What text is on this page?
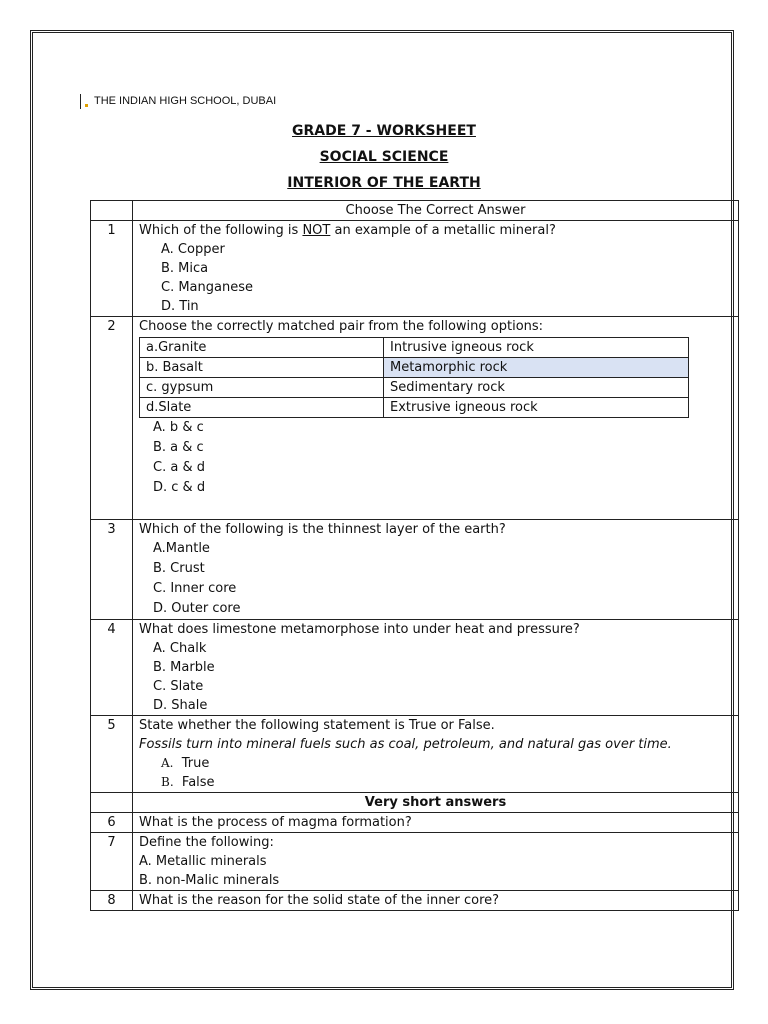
THE INDIAN HIGH SCHOOL, DUBAI
GRADE 7 - WORKSHEET
SOCIAL SCIENCE
INTERIOR OF THE EARTH
	Choose The Correct Answer
1	Which of the following is NOT an example of a metallic mineral?
A. Copper
B. Mica
C. Manganese
D. Tin

2	Choose the correctly matched pair from the following options:
a.Granite	Intrusive igneous rock
b. Basalt	Metamorphic rock
c. gypsum	Sedimentary rock
d.Slate	Extrusive igneous rock
A. b & c
B. a & c
C. a & d
D. c & d

3	Which of the following is the thinnest layer of the earth?
A.Mantle
B. Crust
C. Inner core
D. Outer core

4	What does limestone metamorphose into under heat and pressure?
A. Chalk
B. Marble
C. Slate
D. Shale

5	State whether the following statement is True or False.
Fossils turn into mineral fuels such as coal, petroleum, and natural gas over time.
A. True
B. False

	Very short answers
6	What is the process of magma formation?
7	Define the following:
A. Metallic minerals
B. non-Malic minerals

8	What is the reason for the solid state of the inner core?
